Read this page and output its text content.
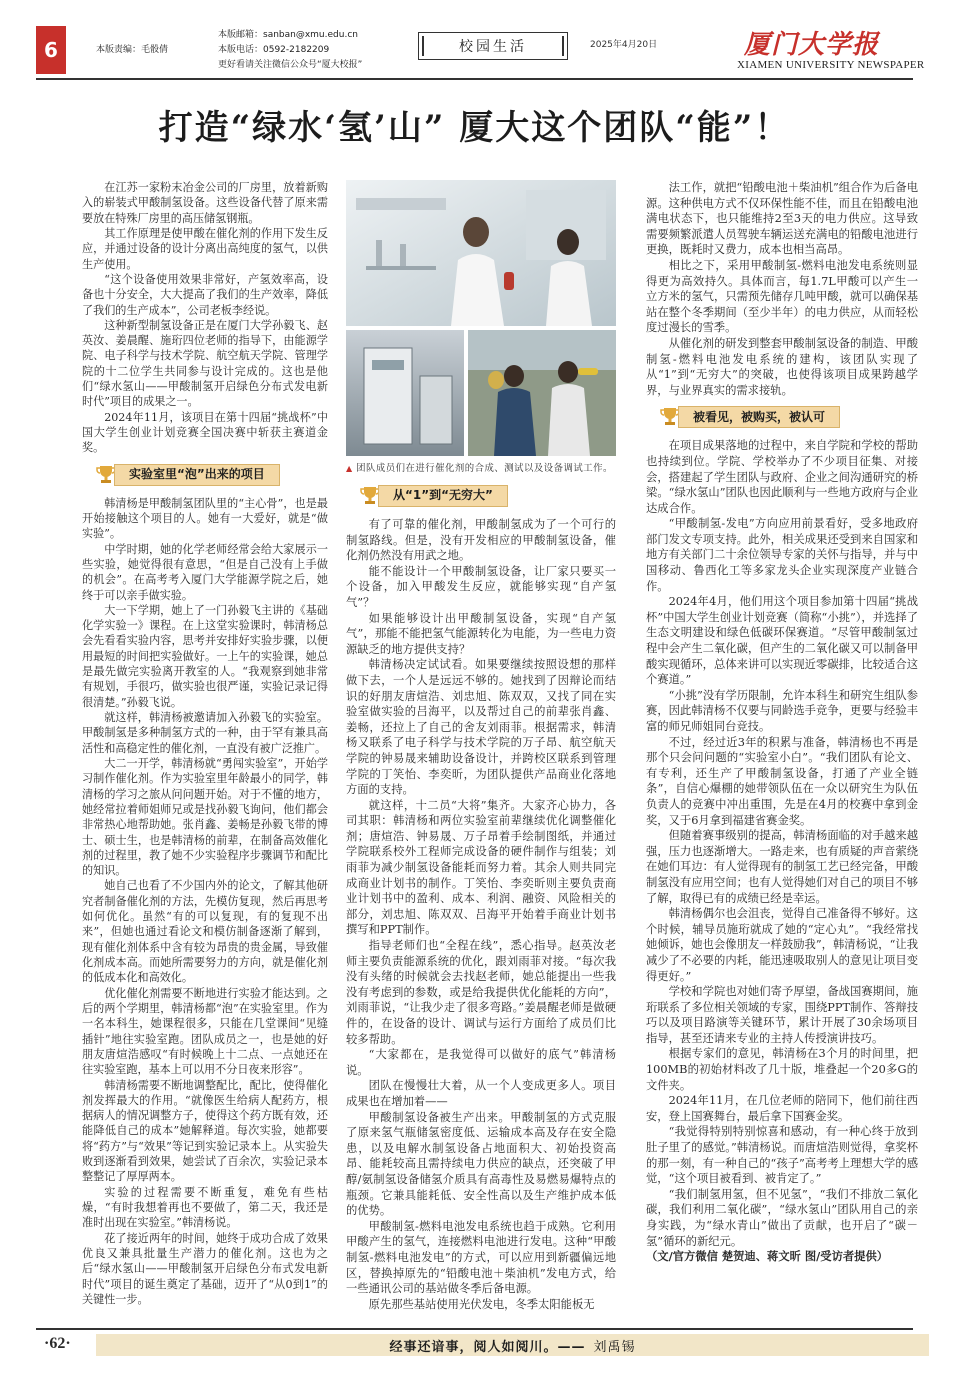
6	本版责编：毛骰倩
本版邮箱：sanban@xmu.edu.cn
本版电话：0592-2182209
更好看请关注微信公众号“厦大校报”
校园生活	2025年4月20日	厦门大学报
XIAMEN UNIVERSITY NEWSPAPER
打造“绿水‘氢’山” 厦大这个团队“能”！

在江苏一家粉末冶金公司的厂房里，放着新购入的崭装式甲酸制氢设备。这些设备代替了原来需要放在特殊厂房里的高压储氢钢瓶。

其工作原理是使甲酸在催化剂的作用下发生反应，并通过设备的设计分离出高纯度的氢气，以供生产使用。

“这个设备使用效果非常好，产氢效率高，设备也十分安全，大大提高了我们的生产效率，降低了我们的生产成本”，公司老板李经说。

这种新型制氢设备正是在厦门大学孙毅飞、赵英汝、姜晨醒、施珩四位老师的指导下，由能源学院、电子科学与技术学院、航空航天学院、管理学院的十二位学生共同参与设计完成的。这也是他们“绿水氢山——甲酸制氢开启绿色分布式发电新时代”项目的成果之一。

2024年11月，该项目在第十四届“挑战杯”中国大学生创业计划竞赛全国决赛中斩获主赛道金奖。

实验室里“泡”出来的项目

韩清杨是甲酸制氢团队里的“主心骨”，也是最开始接触这个项目的人。她有一大爱好，就是“做实验”。

中学时期，她的化学老师经常会给大家展示一些实验，她觉得很有意思，“但是自己没有上手做的机会”。在高考考入厦门大学能源学院之后，她终于可以亲手做实验。

大一下学期，她上了一门孙毅飞主讲的《基础化学实验一》课程。在上这堂实验课时，韩清杨总会先看看实验内容，思考并安排好实验步骤，以便用最短的时间把实验做好。一上午的实验课，她总是最先做完实验离开教室的人。“我观察到她非常有规划，手很巧，做实验也很严谨，实验记录记得很清楚。”孙毅飞说。

就这样，韩清杨被邀请加入孙毅飞的实验室。甲酸制氢是多种制氢方式的一种，由于罕有兼具高活性和高稳定性的催化剂，一直没有被广泛推广。

大二一开学，韩清杨就“勇闯实验室”，开始学习制作催化剂。作为实验室里年龄最小的同学，韩清杨的学习之旅从问问题开始。对于不懂的地方，她经常拉着师姐师兄或是找孙毅飞询问，他们都会非常热心地帮助她。张肖鑫、姜畅是孙毅飞带的博士、硕士生，也是韩清杨的前辈，在制备高效催化剂的过程里，教了她不少实验程序步骤调节和配比的知识。

她自己也看了不少国内外的论文，了解其他研究者制备催化剂的方法，先模仿复现，然后再思考如何优化。虽然“有的可以复现，有的复现不出来”，但她也通过看论文和模仿制备逐渐了解到，现有催化剂体系中含有较为昂贵的贵金属，导致催化剂成本高。而她所需要努力的方向，就是催化剂的低成本化和高效化。

优化催化剂需要不断地进行实验才能达到。之后的两个学期里，韩清杨都“泡”在实验室里。作为一名本科生，她课程很多，只能在几堂课间“见缝插针”地往实验室跑。团队成员之一，也是她的好朋友唐煊浩感叹“有时候晚上十二点、一点她还在往实验室跑，基本上可以用不分日夜来形容”。

韩清杨需要不断地调整配比，配比，使得催化剂发挥最大的作用。“就像医生给病人配药方，根据病人的情况调整方子，使得这个药方既有效，还能降低自己的成本”她解释道。每次实验，她都要将“药方”与“效果”等记到实验记录本上。从实验失败到逐渐看到效果，她尝试了百余次，实验记录本整整记了厚厚两本。

实验的过程需要不断重复，难免有些枯燥，“有时我想着再也不要做了，第二天，我还是准时出现在实验室。”韩清杨说。

花了接近两年的时间，她终于成功合成了效果优良又兼具批量生产潜力的催化剂。这也为之后“绿水氢山——甲酸制氢开启绿色分布式发电新时代”项目的诞生奠定了基础，迈开了“从0到1”的关键性一步。

▲ 团队成员们在进行催化剂的合成、测试以及设备调试工作。
从“1”到“无穷大”

有了可靠的催化剂，甲酸制氢成为了一个可行的制氢路线。但是，没有开发相应的甲酸制氢设备，催化剂仍然没有用武之地。

能不能设计一个甲酸制氢设备，让厂家只要买一个设备，加入甲酸发生反应，就能够实现“自产氢气”？

如果能够设计出甲酸制氢设备，实现“自产氢气”，那能不能把氢气能源转化为电能，为一些电力资源缺乏的地方提供支持？

韩清杨决定试试看。如果要继续按照设想的那样做下去，一个人是远远不够的。她找到了因辩论而结识的好朋友唐煊浩、刘忠旭、陈双双，又找了同在实验室做实验的吕海平，以及帮过自己的前辈张肖鑫、姜畅，还拉上了自己的舍友刘雨菲。根据需求，韩清杨又联系了电子科学与技术学院的万子昂、航空航天学院的钟易晟来辅助设备设计，并跨校区联系到管理学院的丁笑怡、李奕昕，为团队提供产品商业化落地方面的支持。

就这样，十二员“大将”集齐。大家齐心协力，各司其职：韩清杨和两位实验室前辈继续优化调整催化剂；唐煊浩、钟易晟、万子昂着手绘制图纸，并通过学院联系校外工程师完成设备的硬件制作与组装；刘雨菲为减少制氢设备能耗而努力着。其余人则共同完成商业计划书的制作。丁笑怡、李奕昕则主要负责商业计划书中的盈利、成本、利润、融资、风险相关的部分，刘忠旭、陈双双、吕海平开始着手商业计划书撰写和PPT制作。

指导老师们也“全程在线”，悉心指导。赵英汝老师主要负责能源系统的优化，跟刘雨菲对接。“每次我没有头绪的时候就会去找赵老师，她总能提出一些我没有考虑到的参数，或是给我提供优化能耗的方向”，刘雨菲说，“让我少走了很多弯路。”姜晨醒老师是做硬件的，在设备的设计、调试与运行方面给了成员们比较多帮助。

“大家都在，是我觉得可以做好的底气”韩清杨说。

团队在慢慢壮大着，从一个人变成更多人。项目成果也在增加着——

甲酸制氢设备被生产出来。甲酸制氢的方式克服了原来氢气瓶储氢密度低、运输成本高及存在安全隐患，以及电解水制氢设备占地面积大、初始投资高昂、能耗较高且需持续电力供应的缺点，还突破了甲醇/氨制氢设备储氢介质具有高毒性及易燃易爆特点的瓶颈。它兼具能耗低、安全性高以及生产维护成本低的优势。

甲酸制氢-燃料电池发电系统也趋于成熟。它利用甲酸产生的氢气，连接燃料电池进行发电。这种“甲酸制氢-燃料电池发电”的方式，可以应用到新疆偏远地区，替换掉原先的“铅酸电池＋柴油机”发电方式，给一些通讯公司的基站做冬季后备电源。

原先那些基站使用光伏发电，冬季太阳能板无

法工作，就把“铅酸电池＋柴油机”组合作为后备电源。这种供电方式不仅环保性能不佳，而且在铅酸电池满电状态下，也只能维持2至3天的电力供应。这导致需要频繁派遣人员驾驶车辆运送充满电的铅酸电池进行更换，既耗时又费力，成本也相当高昂。

相比之下，采用甲酸制氢-燃料电池发电系统则显得更为高效持久。具体而言，每1.7L甲酸可以产生一立方米的氢气，只需预先储存几吨甲酸，就可以确保基站在整个冬季期间（至少半年）的电力供应，从而轻松度过漫长的雪季。

从催化剂的研发到整套甲酸制氢设备的制造、甲酸制氢-燃料电池发电系统的建构，该团队实现了从“1”到“无穷大”的突破，也使得该项目成果跨越学界，与业界真实的需求接轨。

被看见，被购买，被认可

在项目成果落地的过程中，来自学院和学校的帮助也持续到位。学院、学校举办了不少项目征集、对接会，搭建起了学生团队与政府、企业之间沟通研究的桥梁。“绿水氢山”团队也因此顺利与一些地方政府与企业达成合作。

“甲酸制氢-发电”方向应用前景看好，受多地政府部门发文专项支持。此外，相关成果还受到来自国家和地方有关部门二十余位领导专家的关怀与指导，并与中国移动、鲁西化工等多家龙头企业实现深度产业链合作。

2024年4月，他们用这个项目参加第十四届“挑战杯”中国大学生创业计划竞赛（简称“小挑”），并选择了生态文明建设和绿色低碳环保赛道。“尽管甲酸制氢过程中会产生二氧化碳，但产生的二氧化碳又可以制备甲酸实现循环，总体来讲可以实现近零碳排，比较适合这个赛道。”

“小挑”没有学历限制，允许本科生和研究生组队参赛，因此韩清杨不仅要与同龄选手竞争，更要与经验丰富的师兄师姐同台竞技。

不过，经过近3年的积累与准备，韩清杨也不再是那个只会问问题的“实验室小白”。“我们团队有论文、有专利，还生产了甲酸制氢设备，打通了产业全链条”，自信心爆棚的她带领队伍在一众以研究生为队伍负责人的竞赛中冲出重围，先是在4月的校赛中拿到金奖，又于6月拿到福建省赛金奖。

但随着赛事级别的提高，韩清杨面临的对手越来越强，压力也逐渐增大。一路走来，也有质疑的声音萦绕在她们耳边：有人觉得现有的制氢工艺已经完备，甲酸制氢没有应用空间；也有人觉得她们对自己的项目不够了解，取得已有的成绩已经是幸运。

韩清杨偶尔也会沮丧，觉得自己准备得不够好。这个时候，辅导员施珩就成了她的“定心丸”。“我经常找她倾诉，她也会像朋友一样鼓励我”，韩清杨说，“让我减少了不必要的内耗，能迅速吸取别人的意见让项目变得更好。”

学校和学院也对她们寄予厚望，备战国赛期间，施珩联系了多位相关领域的专家，围绕PPT制作、答辩技巧以及项目路演等关键环节，累计开展了30余场项目指导，甚至还请来专业的主持人传授演讲技巧。

根据专家们的意见，韩清杨在3个月的时间里，把100MB的初始材料改了几十版，堆叠起一个20多G的文件夹。

2024年11月，在几位老师的陪同下，他们前往西安，登上国赛舞台，最后拿下国赛金奖。

“我觉得特别特别惊喜和感动，有一种心终于放到肚子里了的感觉。”韩清杨说。而唐煊浩则觉得，拿奖杯的那一刻，有一种自己的“孩子”高考考上理想大学的感觉，“这个项目被看到、被肯定了。”

“我们制氢用氢，但不见氢”，“我们不排放二氧化碳，我们利用二氧化碳”，“绿水氢山”团队用自己的亲身实践，为“绿水青山”做出了贡献，也开启了“碳－氢”循环的新纪元。

（文/官方微信 楚贺迪、蒋文昕 图/受访者提供）
·62·	经事还谙事，阅人如阅川。—— 刘禹锡
